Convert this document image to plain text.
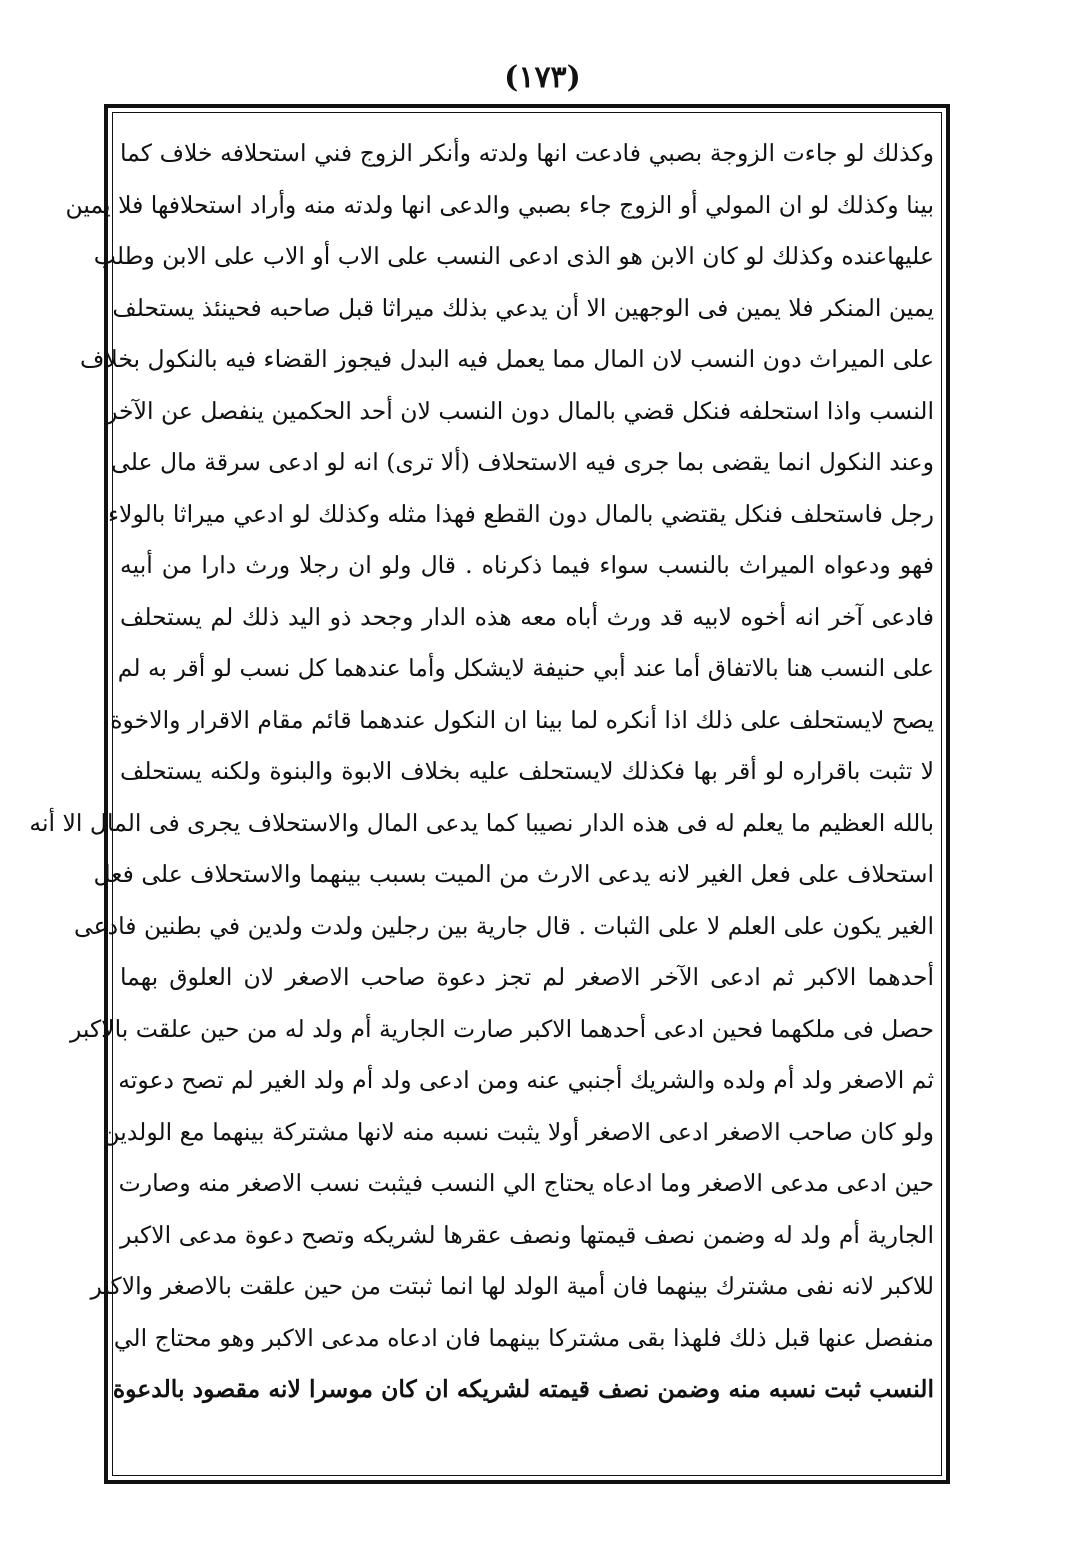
(۱۷۳)
وكذلك لو جاءت الزوجة بصبي فادعت انها ولدته وأنكر الزوج فني استحلافه خلاف كما
بينا وكذلك لو ان المولي أو الزوج جاء بصبي والدعى انها ولدته منه وأراد استحلافها فلا يمين
عليهاعنده وكذلك لو كان الابن هو الذى ادعى النسب على الاب أو الاب على الابن وطلب
يمين المنكر فلا يمين فى الوجهين الا أن يدعي بذلك ميراثا قبل صاحبه فحينئذ يستحلف
على الميراث دون النسب لان المال مما يعمل فيه البدل فيجوز القضاء فيه بالنكول بخلاف
النسب واذا استحلفه فنكل قضي بالمال دون النسب لان أحد الحكمين ينفصل عن الآخر
وعند النكول انما يقضى بما جرى فيه الاستحلاف (ألا ترى) انه لو ادعى سرقة مال على
رجل فاستحلف فنكل يقتضي بالمال دون القطع فهذا مثله وكذلك لو ادعي ميراثا بالولاء
فهو ودعواه الميراث بالنسب سواء فيما ذكرناه . قال ولو ان رجلا ورث دارا من أبيه
فادعى آخر انه أخوه لابيه قد ورث أباه معه هذه الدار وجحد ذو اليد ذلك لم يستحلف
على النسب هنا بالاتفاق أما عند أبي حنيفة لايشكل وأما عندهما كل نسب لو أقر به لم
يصح لايستحلف على ذلك اذا أنكره لما بينا ان النكول عندهما قائم مقام الاقرار والاخوة
لا تثبت باقراره لو أقر بها فكذلك لايستحلف عليه بخلاف الابوة والبنوة ولكنه يستحلف
بالله العظيم ما يعلم له فى هذه الدار نصيبا كما يدعى المال والاستحلاف يجرى فى المال الا أنه
استحلاف على فعل الغير لانه يدعى الارث من الميت بسبب بينهما والاستحلاف على فعل
الغير يكون على العلم لا على الثبات . قال جارية بين رجلين ولدت ولدين في بطنين فادعى
أحدهما الاكبر ثم ادعى الآخر الاصغر لم تجز دعوة صاحب الاصغر لان العلوق بهما
حصل فى ملكهما فحين ادعى أحدهما الاكبر صارت الجارية أم ولد له من حين علقت بالاكبر
ثم الاصغر ولد أم ولده والشريك أجنبي عنه ومن ادعى ولد أم ولد الغير لم تصح دعوته
ولو كان صاحب الاصغر ادعى الاصغر أولا يثبت نسبه منه لانها مشتركة بينهما مع الولدين
حين ادعى مدعى الاصغر وما ادعاه يحتاج الي النسب فيثبت نسب الاصغر منه وصارت
الجارية أم ولد له وضمن نصف قيمتها ونصف عقرها لشريكه وتصح دعوة مدعى الاكبر
للاكبر لانه نفى مشترك بينهما فان أمية الولد لها انما ثبتت من حين علقت بالاصغر والاكبر
منفصل عنها قبل ذلك فلهذا بقى مشتركا بينهما فان ادعاه مدعى الاكبر وهو محتاج الي
النسب ثبت نسبه منه وضمن نصف قيمته لشريكه ان كان موسرا لانه مقصود بالدعوة
